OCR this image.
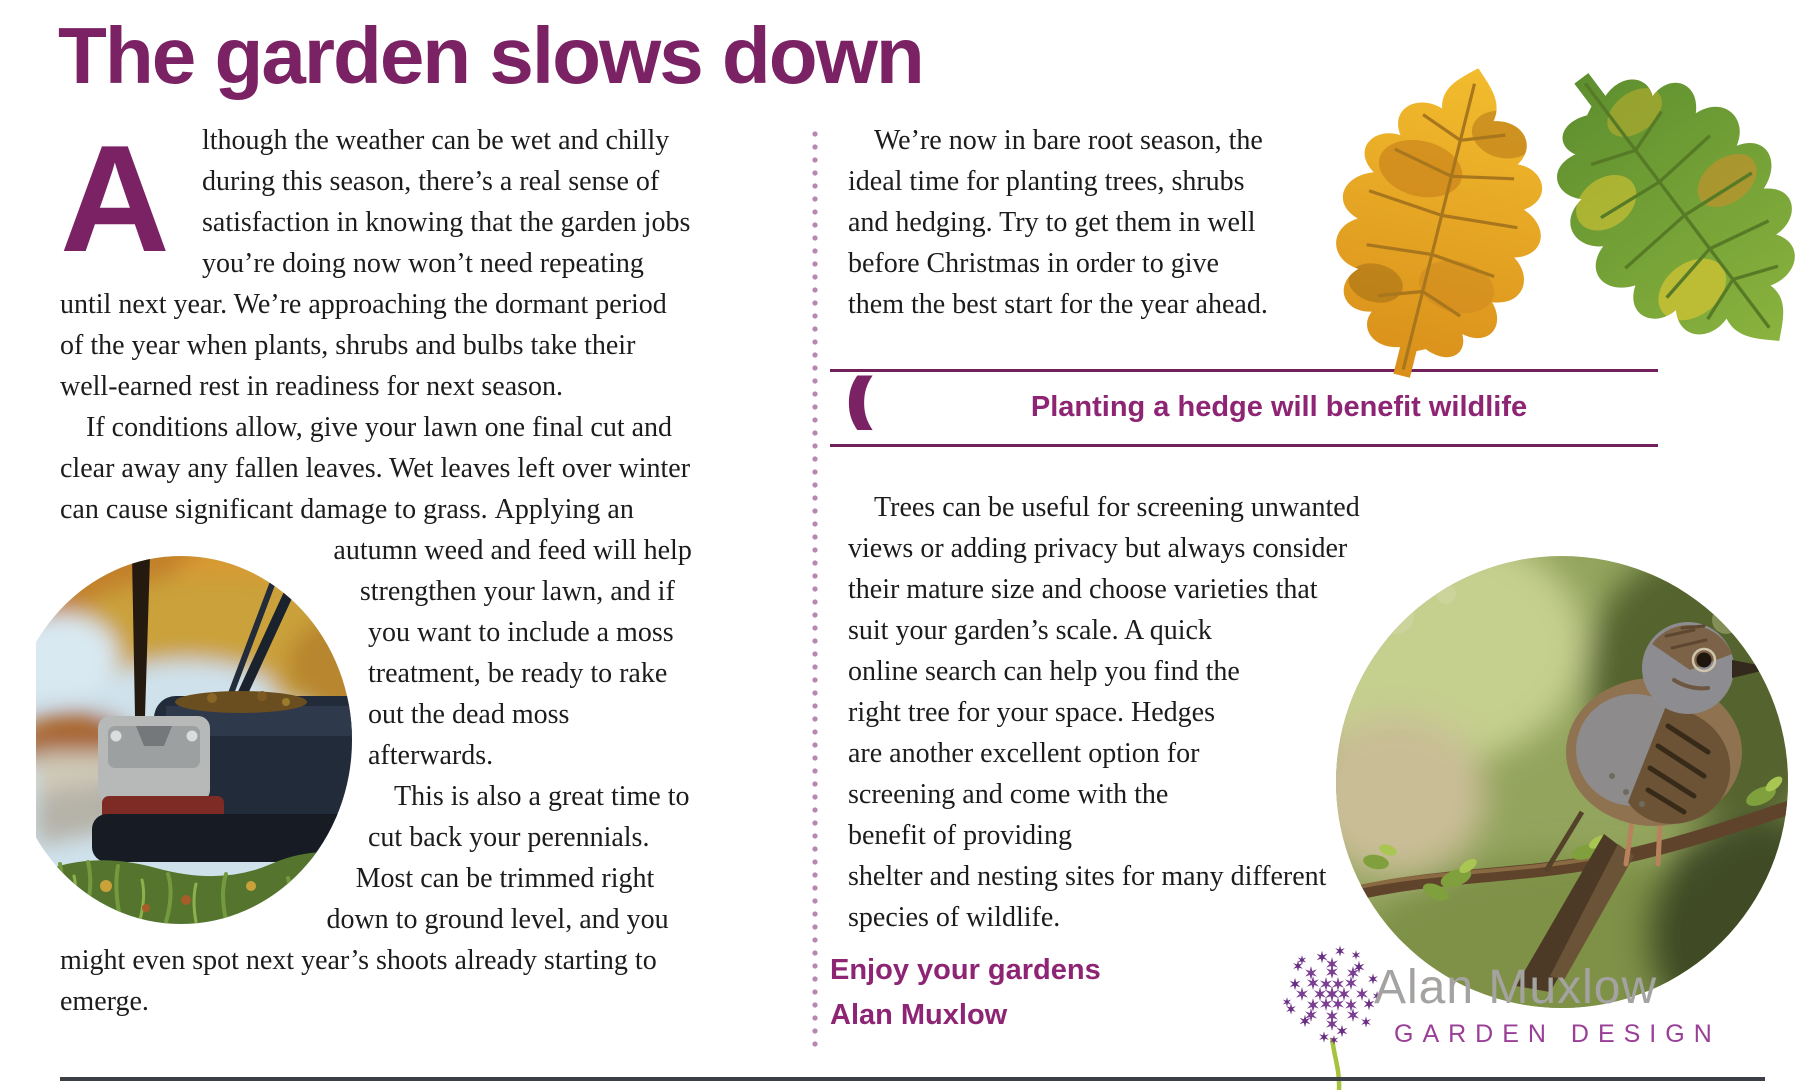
The garden slows down

A	lthough the weather can be wet and chilly during this season, there’s a real sense of satisfaction in knowing that the garden jobs you’re doing now won’t need repeating until next year. We’re approaching the dormant period of the year when plants, shrubs and bulbs take their well-earned rest in readiness for next season.

If conditions allow, give your lawn one final cut and clear away any fallen leaves. Wet leaves left over winter can cause significant damage to grass. Applying an autumn weed and feed will help strengthen your lawn, and if you want to include a moss treatment, be ready to rake out the dead moss afterwards.

This is also a great time to cut back your perennials. Most can be trimmed right down to ground level, and you might even spot next year’s shoots already starting to emerge.

We’re now in bare root season, the ideal time for planting trees, shrubs and hedging. Try to get them in well before Christmas in order to give them the best start for the year ahead.

((	Planting a hedge will benefit wildlife

Trees can be useful for screening unwanted views or adding privacy but always consider their mature size and choose varieties that

suit your garden’s scale. A quick online search can help you find the right tree for your space. Hedges are another excellent option for screening and come with the benefit of providing

shelter and nesting sites for many different species of wildlife.

Enjoy your gardens
Alan Muxlow
Alan Muxlow
GARDEN DESIGN
